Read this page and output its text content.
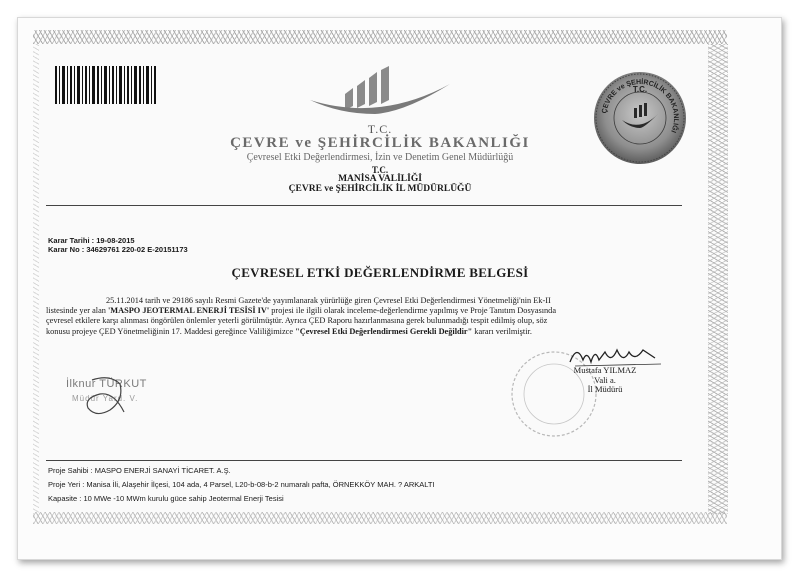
ÇEVRE ve ŞEHİRCİLİK BAKANLIĞI
T.C.
T.C.
ÇEVRE ve ŞEHİRCİLİK BAKANLIĞI
Çevresel Etki Değerlendirmesi, İzin ve Denetim Genel Müdürlüğü
T.C.
MANİSA VALİLİĞİ
ÇEVRE ve ŞEHİRCİLİK İL MÜDÜRLÜĞÜ
Karar Tarihi : 19-08-2015
Karar No : 34629761 220-02 E-20151173
ÇEVRESEL ETKİ DEĞERLENDİRME BELGESİ
25.11.2014 tarih ve 29186 sayılı Resmi Gazete'de yayımlanarak yürürlüğe giren Çevresel Etki Değerlendirmesi Yönetmeliği'nin Ek-II
listesinde yer alan 'MASPO JEOTERMAL ENERJİ TESİSİ IV' projesi ile ilgili olarak inceleme-değerlendirme yapılmış ve Proje Tanıtım Dosyasında
çevresel etkilere karşı alınması öngörülen önlemler yeterli görülmüştür. Ayrıca ÇED Raporu hazırlanmasına gerek bulunmadığı tespit edilmiş olup, söz
konusu projeye ÇED Yönetmeliğinin 17. Maddesi gereğince Valiliğimizce "Çevresel Etki Değerlendirmesi Gerekli Değildir" kararı verilmiştir.
Mustafa YILMAZ
Vali a.
İl Müdürü
İlknur TÜRKUT
Müdür Yard. V.
Proje Sahibi : MASPO ENERJİ SANAYİ TİCARET. A.Ş.
Proje Yeri : Manisa İli, Alaşehir İlçesi, 104 ada, 4 Parsel, L20-b-08-b-2 numaralı pafta, ÖRNEKKÖY MAH. ? ARKALTI
Kapasite : 10 MWe -10 MWm kurulu güce sahip Jeotermal Enerji Tesisi
